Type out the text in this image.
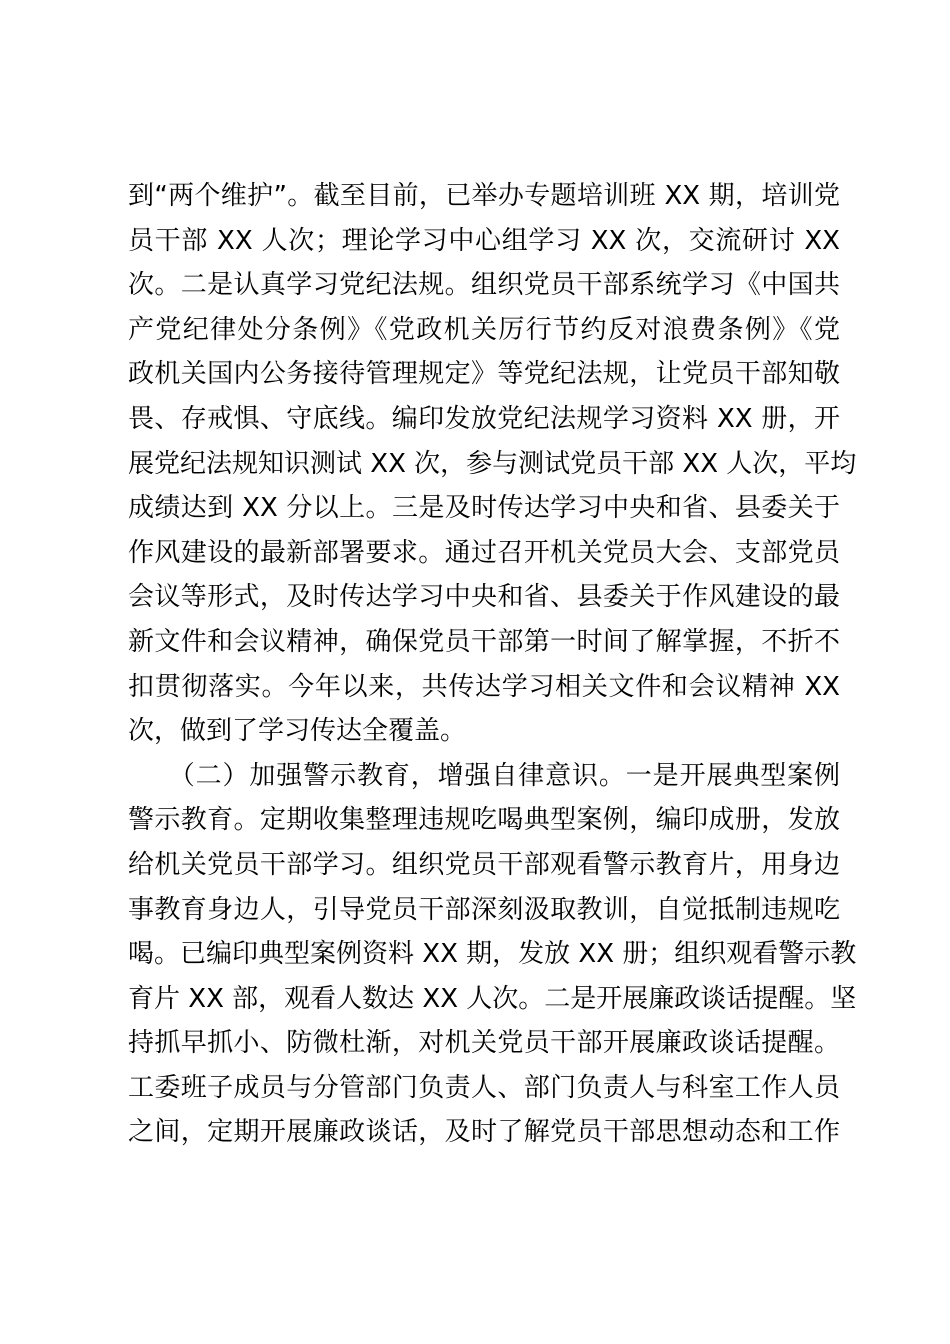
到“两个维护”。截至目前，已举办专题培训班 XX 期，培训党
员干部 XX 人次；理论学习中心组学习 XX 次，交流研讨 XX
次。二是认真学习党纪法规。组织党员干部系统学习《中国共
产党纪律处分条例》《党政机关厉行节约反对浪费条例》《党
政机关国内公务接待管理规定》等党纪法规，让党员干部知敬
畏、存戒惧、守底线。编印发放党纪法规学习资料 XX 册，开
展党纪法规知识测试 XX 次，参与测试党员干部 XX 人次，平均
成绩达到 XX 分以上。三是及时传达学习中央和省、县委关于
作风建设的最新部署要求。通过召开机关党员大会、支部党员
会议等形式，及时传达学习中央和省、县委关于作风建设的最
新文件和会议精神，确保党员干部第一时间了解掌握，不折不
扣贯彻落实。今年以来，共传达学习相关文件和会议精神 XX
次，做到了学习传达全覆盖。
　　（二）加强警示教育，增强自律意识。一是开展典型案例
警示教育。定期收集整理违规吃喝典型案例，编印成册，发放
给机关党员干部学习。组织党员干部观看警示教育片，用身边
事教育身边人，引导党员干部深刻汲取教训，自觉抵制违规吃
喝。已编印典型案例资料 XX 期，发放 XX 册；组织观看警示教
育片 XX 部，观看人数达 XX 人次。二是开展廉政谈话提醒。坚
持抓早抓小、防微杜渐，对机关党员干部开展廉政谈话提醒。
工委班子成员与分管部门负责人、部门负责人与科室工作人员
之间，定期开展廉政谈话，及时了解党员干部思想动态和工作
